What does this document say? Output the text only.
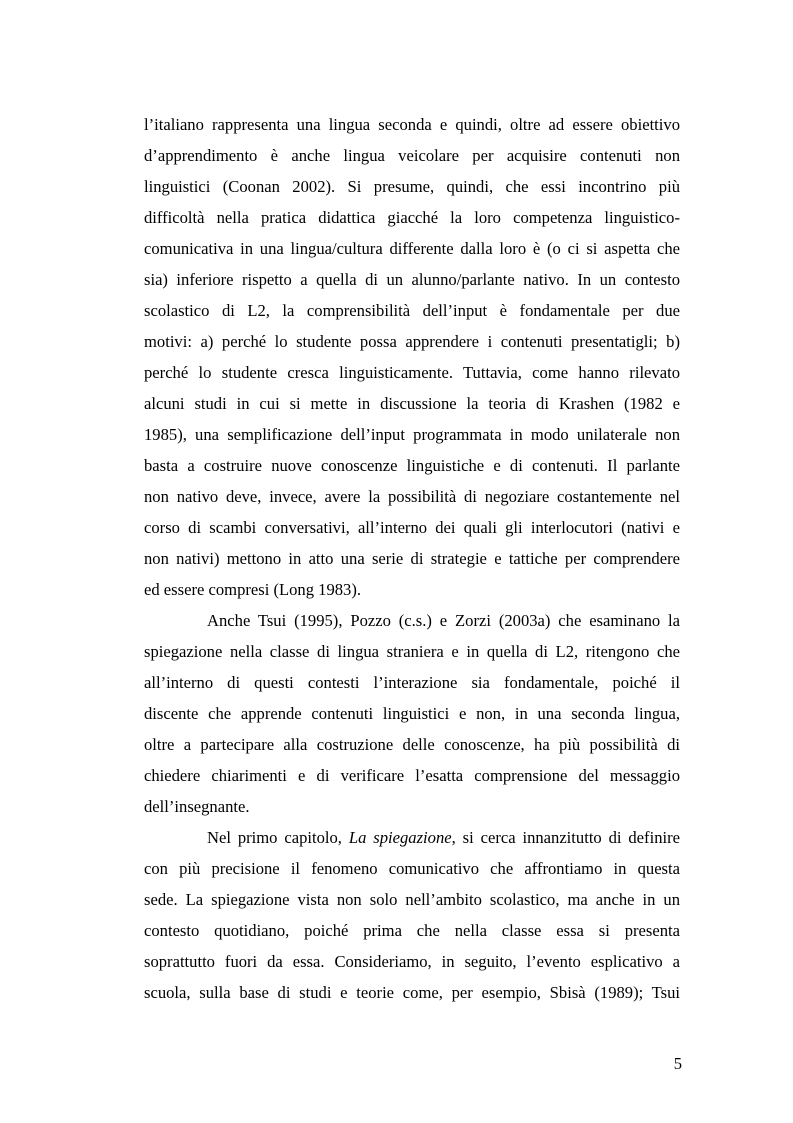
l’italiano rappresenta una lingua seconda e quindi, oltre ad essere obiettivo
d’apprendimento è anche lingua veicolare per acquisire contenuti non
linguistici (Coonan 2002). Si presume, quindi, che essi incontrino più
difficoltà nella pratica didattica giacché la loro competenza linguistico-
comunicativa in una lingua/cultura differente dalla loro è (o ci si aspetta che
sia) inferiore rispetto a quella di un alunno/parlante nativo. In un contesto
scolastico di L2, la comprensibilità dell’input è fondamentale per due
motivi: a) perché lo studente possa apprendere i contenuti presentatigli; b)
perché lo studente cresca linguisticamente. Tuttavia, come hanno rilevato
alcuni studi in cui si mette in discussione la teoria di Krashen (1982 e
1985), una semplificazione dell’input programmata in modo unilaterale non
basta a costruire nuove conoscenze linguistiche e di contenuti. Il parlante
non nativo deve, invece, avere la possibilità di negoziare costantemente nel
corso di scambi conversativi, all’interno dei quali gli interlocutori (nativi e
non nativi) mettono in atto una serie di strategie e tattiche per comprendere
ed essere compresi (Long 1983).
Anche Tsui (1995), Pozzo (c.s.) e Zorzi (2003a) che esaminano la
spiegazione nella classe di lingua straniera e in quella di L2, ritengono che
all’interno di questi contesti l’interazione sia fondamentale, poiché il
discente che apprende contenuti linguistici e non, in una seconda lingua,
oltre a partecipare alla costruzione delle conoscenze, ha più possibilità di
chiedere chiarimenti e di verificare l’esatta comprensione del messaggio
dell’insegnante.
Nel primo capitolo, La spiegazione, si cerca innanzitutto di definire
con più precisione il fenomeno comunicativo che affrontiamo in questa
sede. La spiegazione vista non solo nell’ambito scolastico, ma anche in un
contesto quotidiano, poiché prima che nella classe essa si presenta
soprattutto fuori da essa. Consideriamo, in seguito, l’evento esplicativo a
scuola, sulla base di studi e teorie come, per esempio, Sbisà (1989); Tsui
5
